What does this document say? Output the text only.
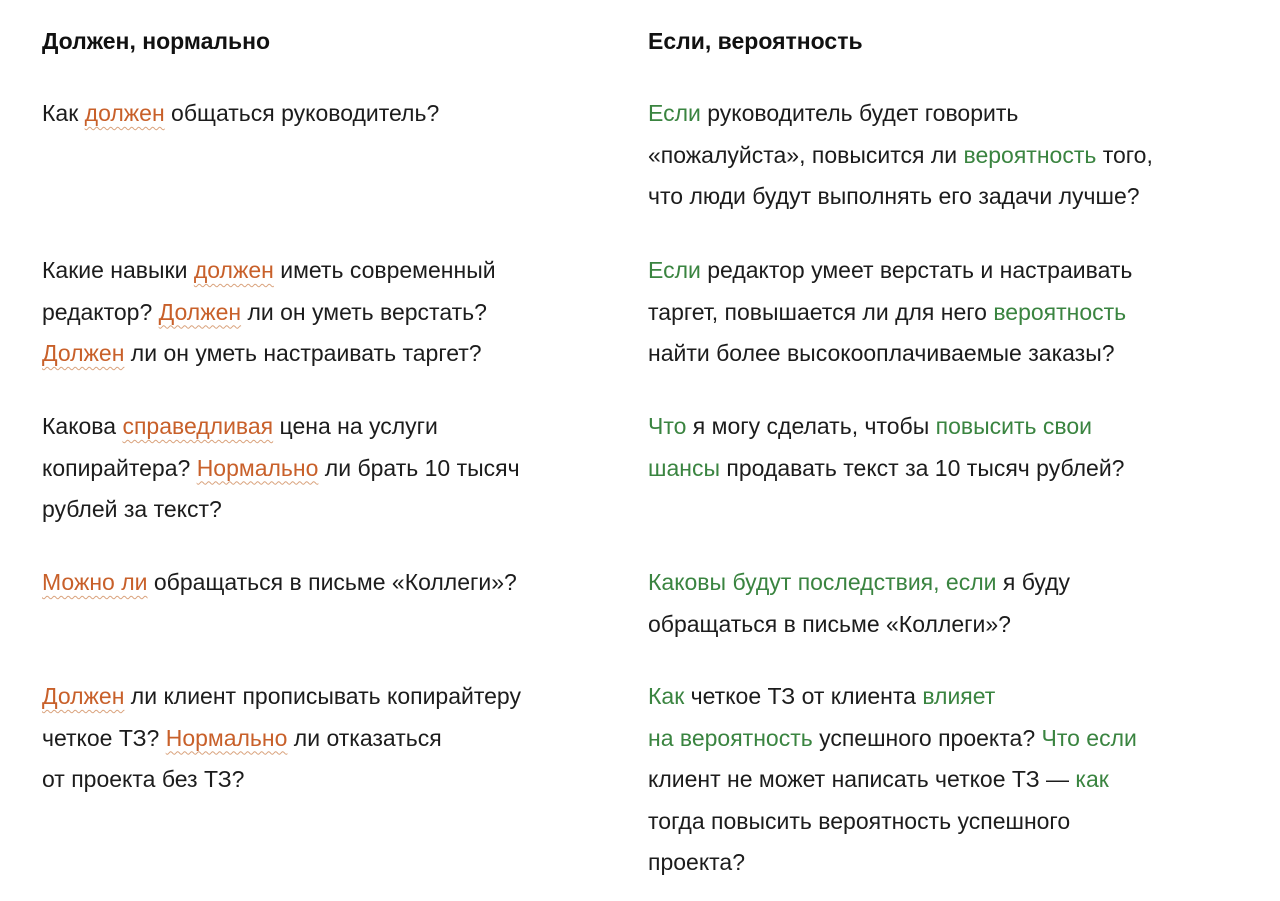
Должен, нормально	Если, вероятность
Как должен общаться руководитель?
Какие навыки должен иметь современный
редактор? Должен ли он уметь верстать?
Должен ли он уметь настраивать таргет?
Какова справедливая цена на услуги
копирайтера? Нормально ли брать 10 тысяч
рублей за текст?
Можно ли обращаться в письме «Коллеги»?
Должен ли клиент прописывать копирайтеру
четкое ТЗ? Нормально ли отказаться
от проекта без ТЗ?
Если руководитель будет говорить
«пожалуйста», повысится ли вероятность того,
что люди будут выполнять его задачи лучше?
Если редактор умеет верстать и настраивать
таргет, повышается ли для него вероятность
найти более высокооплачиваемые заказы?
Что я могу сделать, чтобы повысить свои
шансы продавать текст за 10 тысяч рублей?
Каковы будут последствия, если я буду
обращаться в письме «Коллеги»?
Как четкое ТЗ от клиента влияет
на вероятность успешного проекта? Что если
клиент не может написать четкое ТЗ — как
тогда повысить вероятность успешного
проекта?
